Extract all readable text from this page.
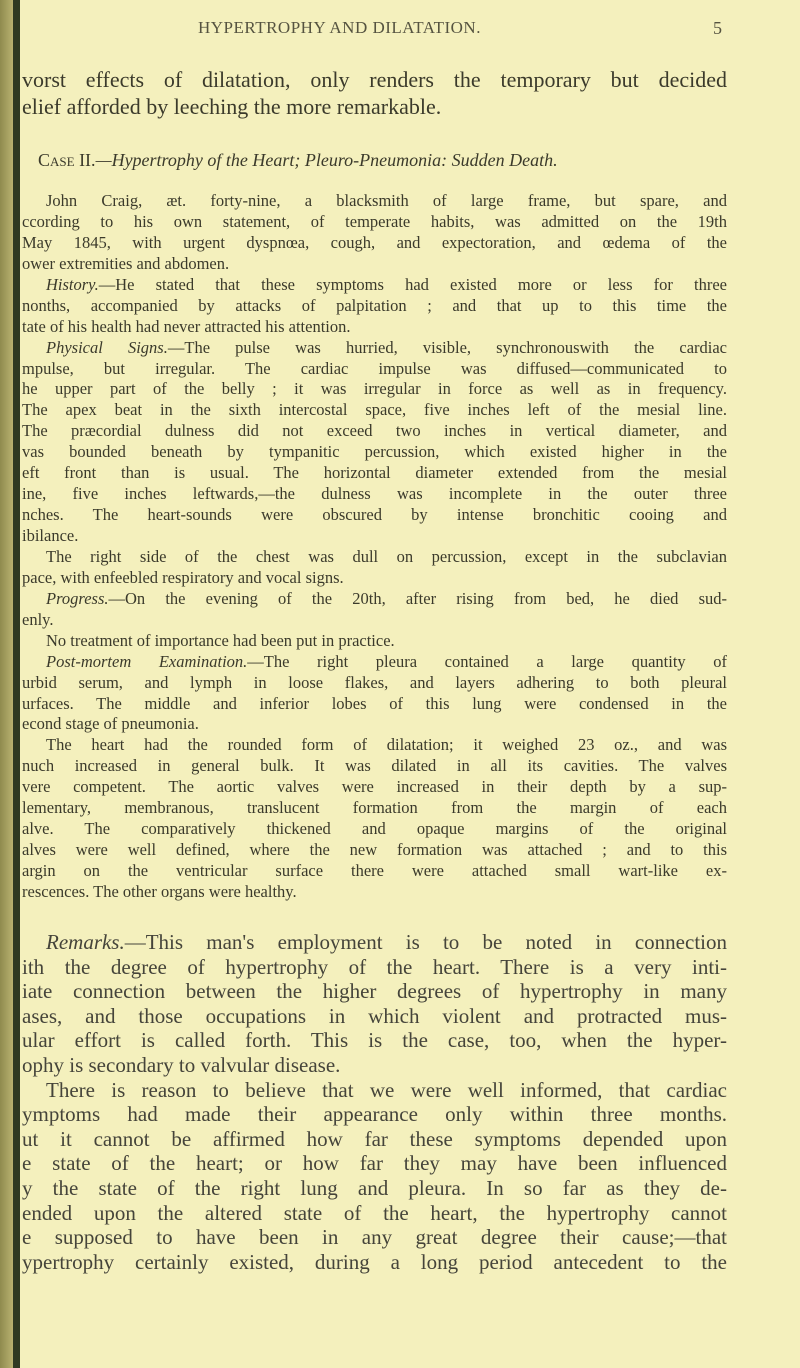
HYPERTROPHY AND DILATATION.	5
vorst effects of dilatation, only renders the temporary but decided
elief afforded by leeching the more remarkable.
Case II.—Hypertrophy of the Heart; Pleuro-Pneumonia: Sudden Death.
John Craig, æt. forty-nine, a blacksmith of large frame, but spare, and
ccording to his own statement, of temperate habits, was admitted on the 19th
May 1845, with urgent dyspnœa, cough, and expectoration, and œdema of the
ower extremities and abdomen.
History.—He stated that these symptoms had existed more or less for three
nonths, accompanied by attacks of palpitation ; and that up to this time the
tate of his health had never attracted his attention.
Physical Signs.—The pulse was hurried, visible, synchronouswith the cardiac
mpulse, but irregular. The cardiac impulse was diffused—communicated to
he upper part of the belly ; it was irregular in force as well as in frequency.
The apex beat in the sixth intercostal space, five inches left of the mesial line.
The præcordial dulness did not exceed two inches in vertical diameter, and
vas bounded beneath by tympanitic percussion, which existed higher in the
eft front than is usual. The horizontal diameter extended from the mesial
ine, five inches leftwards,—the dulness was incomplete in the outer three
nches. The heart-sounds were obscured by intense bronchitic cooing and
ibilance.
The right side of the chest was dull on percussion, except in the subclavian
pace, with enfeebled respiratory and vocal signs.
Progress.—On the evening of the 20th, after rising from bed, he died sud-
enly.
No treatment of importance had been put in practice.
Post-mortem Examination.—The right pleura contained a large quantity of
urbid serum, and lymph in loose flakes, and layers adhering to both pleural
urfaces. The middle and inferior lobes of this lung were condensed in the
econd stage of pneumonia.
The heart had the rounded form of dilatation; it weighed 23 oz., and was
nuch increased in general bulk. It was dilated in all its cavities. The valves
vere competent. The aortic valves were increased in their depth by a sup-
lementary, membranous, translucent formation from the margin of each
alve. The comparatively thickened and opaque margins of the original
alves were well defined, where the new formation was attached ; and to this
argin on the ventricular surface there were attached small wart-like ex-
rescences. The other organs were healthy.
Remarks.—This man's employment is to be noted in connection
ith the degree of hypertrophy of the heart. There is a very inti-
iate connection between the higher degrees of hypertrophy in many
ases, and those occupations in which violent and protracted mus-
ular effort is called forth. This is the case, too, when the hyper-
ophy is secondary to valvular disease.
There is reason to believe that we were well informed, that cardiac
ymptoms had made their appearance only within three months.
ut it cannot be affirmed how far these symptoms depended upon
e state of the heart; or how far they may have been influenced
y the state of the right lung and pleura. In so far as they de-
ended upon the altered state of the heart, the hypertrophy cannot
e supposed to have been in any great degree their cause;—that
ypertrophy certainly existed, during a long period antecedent to the
